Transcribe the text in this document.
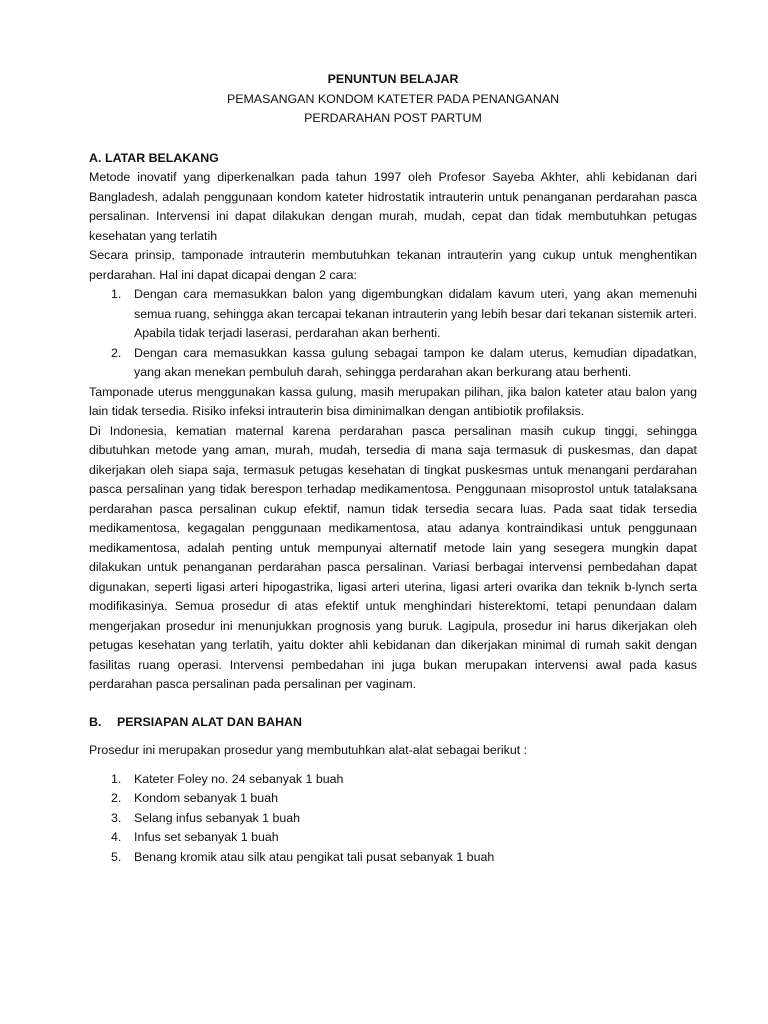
PENUNTUN BELAJAR
PEMASANGAN KONDOM KATETER PADA PENANGANAN
PERDARAHAN POST PARTUM
A. LATAR BELAKANG

Metode inovatif yang diperkenalkan pada tahun 1997 oleh Profesor Sayeba Akhter, ahli kebidanan dari Bangladesh, adalah penggunaan kondom kateter hidrostatik intrauterin untuk penanganan perdarahan pasca persalinan. Intervensi ini dapat dilakukan dengan murah, mudah, cepat dan tidak membutuhkan petugas kesehatan yang terlatih

Secara prinsip, tamponade intrauterin membutuhkan tekanan intrauterin yang cukup untuk menghentikan perdarahan. Hal ini dapat dicapai dengan 2 cara:

1. Dengan cara memasukkan balon yang digembungkan didalam kavum uteri, yang akan memenuhi semua ruang, sehingga akan tercapai tekanan intrauterin yang lebih besar dari tekanan sistemik arteri. Apabila tidak terjadi laserasi, perdarahan akan berhenti.
2. Dengan cara memasukkan kassa gulung sebagai tampon ke dalam uterus, kemudian dipadatkan, yang akan menekan pembuluh darah, sehingga perdarahan akan berkurang atau berhenti.

Tamponade uterus menggunakan kassa gulung, masih merupakan pilihan, jika balon kateter atau balon yang lain tidak tersedia. Risiko infeksi intrauterin bisa diminimalkan dengan antibiotik profilaksis.

Di Indonesia, kematian maternal karena perdarahan pasca persalinan masih cukup tinggi, sehingga dibutuhkan metode yang aman, murah, mudah, tersedia di mana saja termasuk di puskesmas, dan dapat dikerjakan oleh siapa saja, termasuk petugas kesehatan di tingkat puskesmas untuk menangani perdarahan pasca persalinan yang tidak berespon terhadap medikamentosa. Penggunaan misoprostol untuk tatalaksana perdarahan pasca persalinan cukup efektif, namun tidak tersedia secara luas. Pada saat tidak tersedia medikamentosa, kegagalan penggunaan medikamentosa, atau adanya kontraindikasi untuk penggunaan medikamentosa, adalah penting untuk mempunyai alternatif metode lain yang sesegera mungkin dapat dilakukan untuk penanganan perdarahan pasca persalinan. Variasi berbagai intervensi pembedahan dapat digunakan, seperti ligasi arteri hipogastrika, ligasi arteri uterina, ligasi arteri ovarika dan teknik b-lynch serta modifikasinya. Semua prosedur di atas efektif untuk menghindari histerektomi, tetapi penundaan dalam mengerjakan prosedur ini menunjukkan prognosis yang buruk. Lagipula, prosedur ini harus dikerjakan oleh petugas kesehatan yang terlatih, yaitu dokter ahli kebidanan dan dikerjakan minimal di rumah sakit dengan fasilitas ruang operasi. Intervensi pembedahan ini juga bukan merupakan intervensi awal pada kasus perdarahan pasca persalinan pada persalinan per vaginam.

B. PERSIAPAN ALAT DAN BAHAN

Prosedur ini merupakan prosedur yang membutuhkan alat-alat sebagai berikut :

1. Kateter Foley no. 24 sebanyak 1 buah
2. Kondom sebanyak 1 buah
3. Selang infus sebanyak 1 buah
4. Infus set sebanyak 1 buah
5. Benang kromik atau silk atau pengikat tali pusat sebanyak 1 buah
